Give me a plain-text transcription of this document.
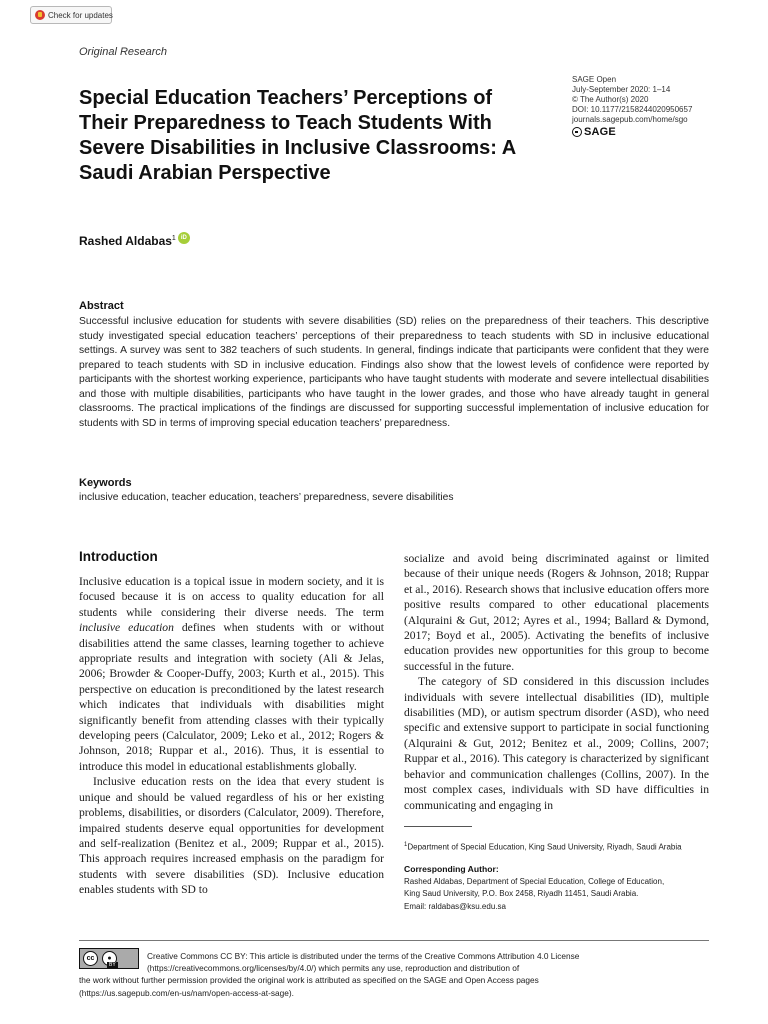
Check for updates
Original Research
Special Education Teachers’ Perceptions of Their Preparedness to Teach Students With Severe Disabilities in Inclusive Classrooms: A Saudi Arabian Perspective
SAGE Open
July-September 2020: 1–14
© The Author(s) 2020
DOI: 10.1177/2158244020950657
journals.sagepub.com/home/sgo
SAGE
Rashed Aldabas$^1$ iD
Abstract
Successful inclusive education for students with severe disabilities (SD) relies on the preparedness of their teachers. This descriptive study investigated special education teachers’ perceptions of their preparedness to teach students with SD in inclusive educational settings. A survey was sent to 382 teachers of such students. In general, findings indicate that participants were confident that they were prepared to teach students with SD in inclusive education. Findings also show that the lowest levels of confidence were reported by participants with the shortest working experience, participants who have taught students with moderate and severe intellectual disabilities and those with multiple disabilities, participants who have taught in the lower grades, and those who have already taught in general classrooms. The practical implications of the findings are discussed for supporting successful implementation of inclusive education for students with SD in terms of improving special education teachers’ preparedness.
Keywords
inclusive education, teacher education, teachers’ preparedness, severe disabilities
Introduction

Inclusive education is a topical issue in modern society, and it is focused because it is on access to quality education for all students while considering their diverse needs. The term inclusive education defines when students with or without disabilities attend the same classes, learning together to achieve appropriate results and integration with society (Ali & Jelas, 2006; Browder & Cooper-Duffy, 2003; Kurth et al., 2015). This perspective on education is preconditioned by the latest research which indicates that individuals with disabilities might significantly benefit from attending classes with their typically developing peers (Calculator, 2009; Leko et al., 2012; Rogers & Johnson, 2018; Ruppar et al., 2016). Thus, it is essential to introduce this model in educational establishments globally.

Inclusive education rests on the idea that every student is unique and should be valued regardless of his or her existing problems, disabilities, or disorders (Calculator, 2009). Therefore, impaired students deserve equal opportunities for development and self-realization (Benitez et al., 2009; Ruppar et al., 2015). This approach requires increased emphasis on the paradigm for students with severe disabilities (SD). Inclusive education enables students with SD to

socialize and avoid being discriminated against or limited because of their unique needs (Rogers & Johnson, 2018; Ruppar et al., 2016). Research shows that inclusive education offers more positive results compared to other educational placements (Alquraini & Gut, 2012; Ayres et al., 1994; Ballard & Dymond, 2017; Boyd et al., 2005). Activating the benefits of inclusive education provides new opportunities for this group to become successful in the future.

The category of SD considered in this discussion includes individuals with severe intellectual disabilities (ID), multiple disabilities (MD), or autism spectrum disorder (ASD), who need specific and extensive support to participate in social functioning (Alquraini & Gut, 2012; Benitez et al., 2009; Collins, 2007; Ruppar et al., 2016). This category is characterized by significant behavior and communication challenges (Collins, 2007). In the most complex cases, individuals with SD have difficulties in communicating and engaging in

$^1$Department of Special Education, King Saud University, Riyadh, Saudi Arabia
Corresponding Author:
Rashed Aldabas, Department of Special Education, College of Education,
King Saud University, P.O. Box 2458, Riyadh 11451, Saudi Arabia.
Email: raldabas@ksu.edu.sa
cc	●
BY
Creative Commons CC BY: This article is distributed under the terms of the Creative Commons Attribution 4.0 License
(https://creativecommons.org/licenses/by/4.0/) which permits any use, reproduction and distribution of
the work without further permission provided the original work is attributed as specified on the SAGE and Open Access pages
(https://us.sagepub.com/en-us/nam/open-access-at-sage).
